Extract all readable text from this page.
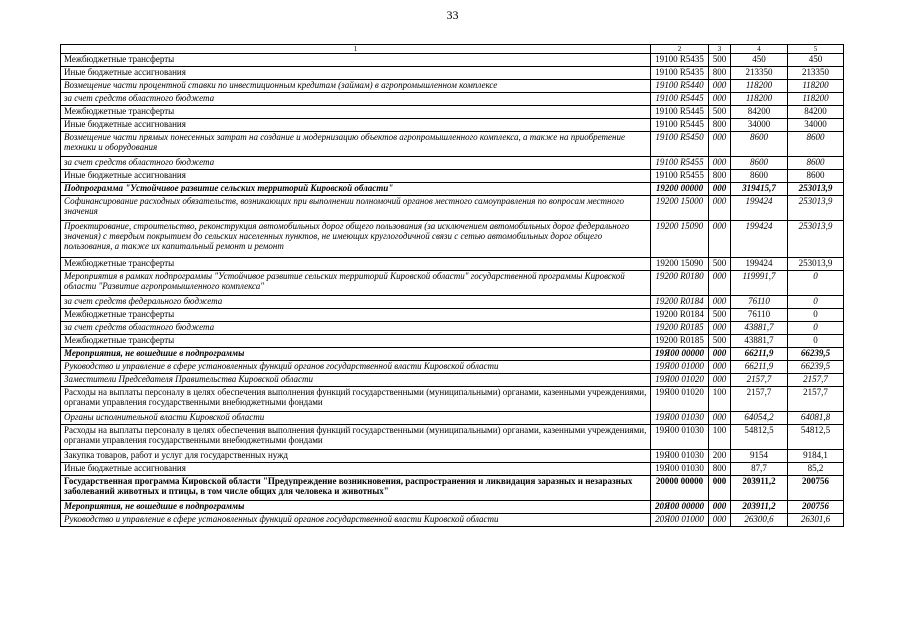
33
1	2	3	4	5
Межбюджетные трансферты	19100 R5435	500	450	450
Иные бюджетные ассигнования	19100 R5435	800	213350	213350
Возмещение части процентной ставки по инвестиционным кредитам (займам) в агропромышленном комплексе	19100 R5440	000	118200	118200
за счет средств областного бюджета	19100 R5445	000	118200	118200
Межбюджетные трансферты	19100 R5445	500	84200	84200
Иные бюджетные ассигнования	19100 R5445	800	34000	34000
Возмещение части прямых понесенных затрат на создание и модернизацию объектов агропромышленного комплекса, а также на приобретение техники и оборудования	19100 R5450	000	8600	8600
за счет средств областного бюджета	19100 R5455	000	8600	8600
Иные бюджетные ассигнования	19100 R5455	800	8600	8600
Подпрограмма "Устойчивое развитие сельских территорий Кировской области"	19200 00000	000	319415,7	253013,9
Софинансирование расходных обязательств, возникающих при выполнении полномочий органов местного самоуправления по вопросам местного значения	19200 15000	000	199424	253013,9
Проектирование, строительство, реконструкция автомобильных дорог общего пользования (за исключением автомобильных дорог федерального значения) с твердым покрытием до сельских населенных пунктов, не имеющих круглогодичной связи с сетью автомобильных дорог общего пользования, а также их капитальный ремонт и ремонт	19200 15090	000	199424	253013,9
Межбюджетные трансферты	19200 15090	500	199424	253013,9
Мероприятия в рамках подпрограммы "Устойчивое развитие сельских территорий Кировской области" государственной программы Кировской области "Развитие агропромышленного комплекса"	19200 R0180	000	119991,7	0
за счет средств федерального бюджета	19200 R0184	000	76110	0
Межбюджетные трансферты	19200 R0184	500	76110	0
за счет средств областного бюджета	19200 R0185	000	43881,7	0
Межбюджетные трансферты	19200 R0185	500	43881,7	0
Мероприятия, не вошедшие в подпрограммы	19Я00 00000	000	66211,9	66239,5
Руководство и управление в сфере установленных функций органов государственной власти Кировской области	19Я00 01000	000	66211,9	66239,5
Заместители Председателя Правительства Кировской области	19Я00 01020	000	2157,7	2157,7
Расходы на выплаты персоналу в целях обеспечения выполнения функций государственными (муниципальными) органами, казенными учреждениями, органами управления государственными внебюджетными фондами	19Я00 01020	100	2157,7	2157,7
Органы исполнительной власти Кировской области	19Я00 01030	000	64054,2	64081,8
Расходы на выплаты персоналу в целях обеспечения выполнения функций государственными (муниципальными) органами, казенными учреждениями, органами управления государственными внебюджетными фондами	19Я00 01030	100	54812,5	54812,5
Закупка товаров, работ и услуг для государственных нужд	19Я00 01030	200	9154	9184,1
Иные бюджетные ассигнования	19Я00 01030	800	87,7	85,2
Государственная программа Кировской области "Предупреждение возникновения, распространения и ликвидация заразных и незаразных заболеваний животных и птицы, в том числе общих для человека и животных"	20000 00000	000	203911,2	200756
Мероприятия, не вошедшие в подпрограммы	20Я00 00000	000	203911,2	200756
Руководство и управление в сфере установленных функций органов государственной власти Кировской области	20Я00 01000	000	26300,6	26301,6
